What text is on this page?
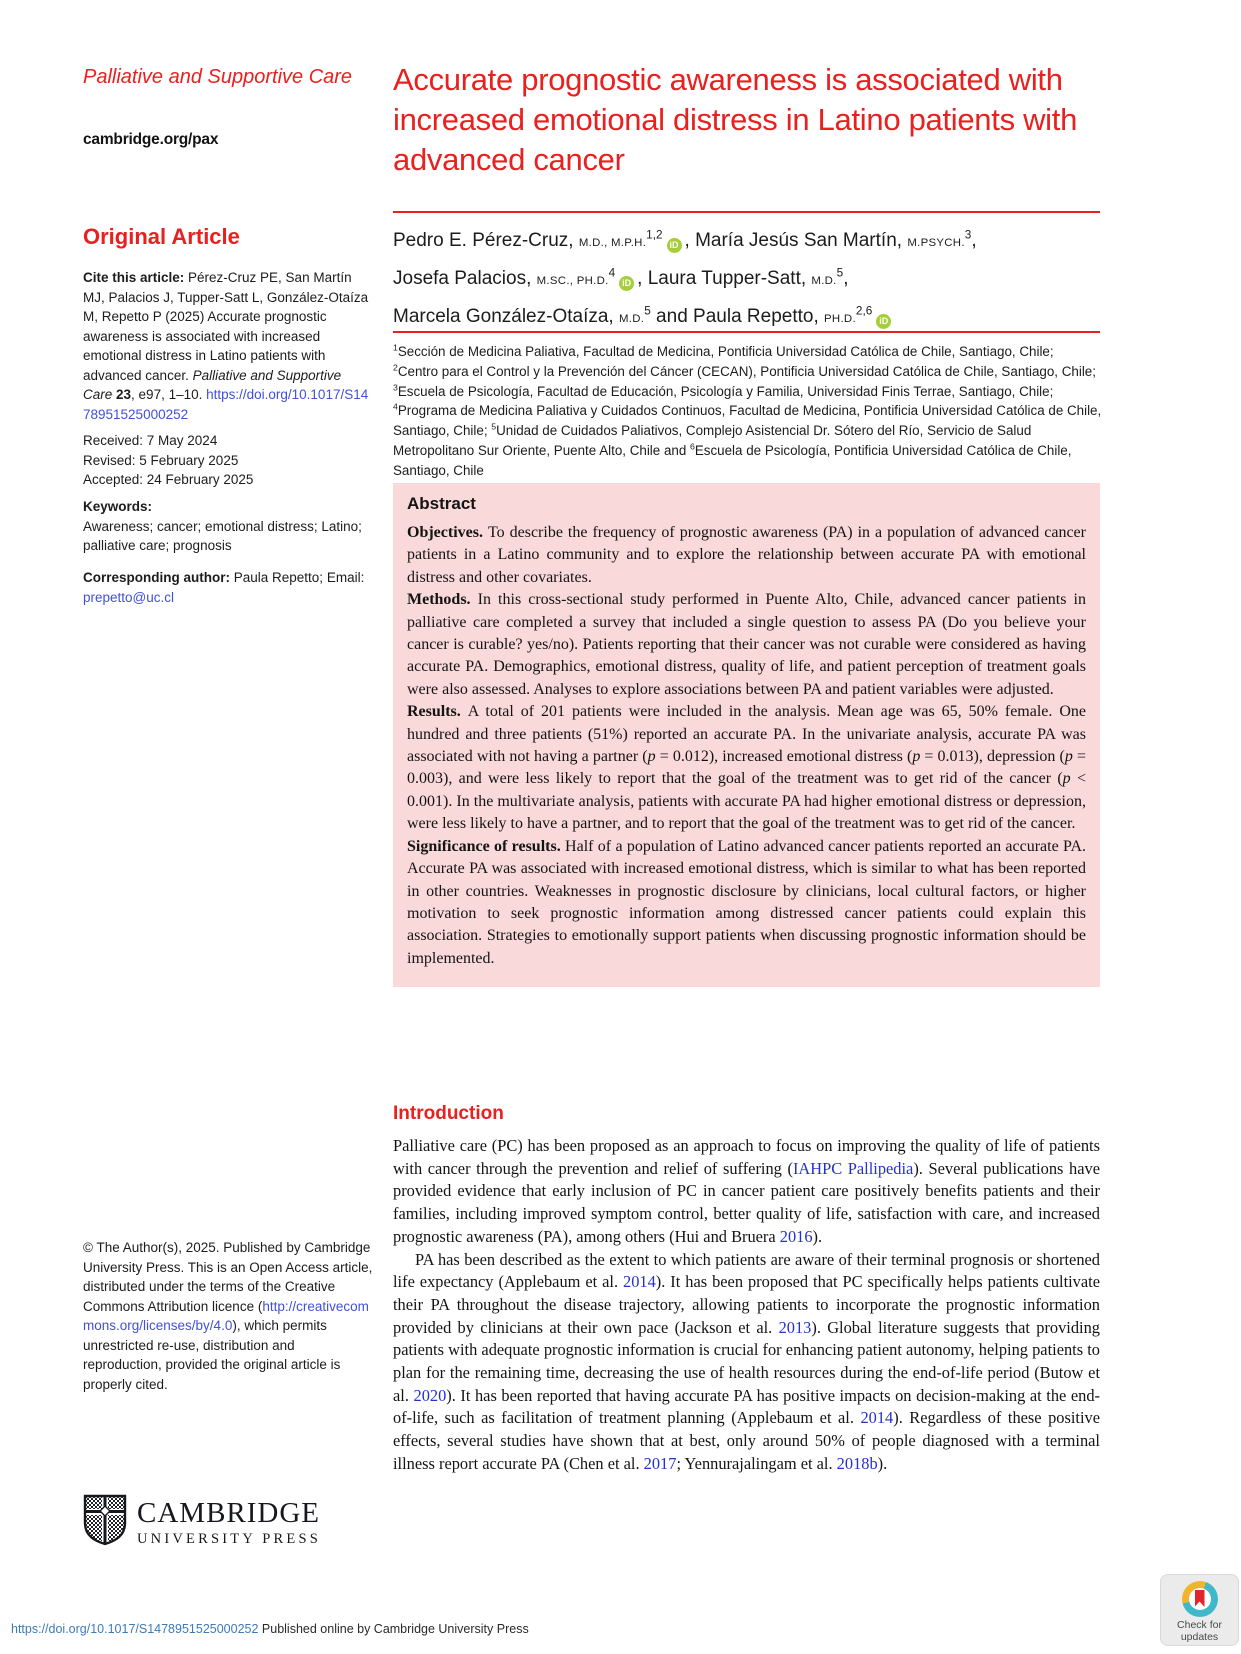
Palliative and Supportive Care
cambridge.org/pax
Original Article
Cite this article: Pérez-Cruz PE, San Martín MJ, Palacios J, Tupper-Satt L, González-Otaíza M, Repetto P (2025) Accurate prognostic awareness is associated with increased emotional distress in Latino patients with advanced cancer. Palliative and Supportive Care 23, e97, 1–10. https://doi.org/10.1017/S1478951525000252
Received: 7 May 2024
Revised: 5 February 2025
Accepted: 24 February 2025
Keywords:
Awareness; cancer; emotional distress; Latino; palliative care; prognosis
Corresponding author: Paula Repetto; Email: prepetto@uc.cl
© The Author(s), 2025. Published by Cambridge University Press. This is an Open Access article, distributed under the terms of the Creative Commons Attribution licence (http://creativecommons.org/licenses/by/4.0), which permits unrestricted re-use, distribution and reproduction, provided the original article is properly cited.
CAMBRIDGE
UNIVERSITY PRESS
Accurate prognostic awareness is associated with increased emotional distress in Latino patients with advanced cancer
Pedro E. Pérez-Cruz, M.D., M.P.H.$^{1,2}$iD , María Jesús San Martín, M.PSYCH.$^3$,
Josefa Palacios, M.SC., PH.D.$^4$iD , Laura Tupper-Satt, M.D.$^5$,
Marcela González-Otaíza, M.D.$^5$ and Paula Repetto, PH.D.$^{2,6}$iD
$^1$Sección de Medicina Paliativa, Facultad de Medicina, Pontificia Universidad Católica de Chile, Santiago, Chile; $^2$Centro para el Control y la Prevención del Cáncer (CECAN), Pontificia Universidad Católica de Chile, Santiago, Chile; $^3$Escuela de Psicología, Facultad de Educación, Psicología y Familia, Universidad Finis Terrae, Santiago, Chile; $^4$Programa de Medicina Paliativa y Cuidados Continuos, Facultad de Medicina, Pontificia Universidad Católica de Chile, Santiago, Chile; $^5$Unidad de Cuidados Paliativos, Complejo Asistencial Dr. Sótero del Río, Servicio de Salud Metropolitano Sur Oriente, Puente Alto, Chile and $^6$Escuela de Psicología, Pontificia Universidad Católica de Chile, Santiago, Chile
Abstract

Objectives. To describe the frequency of prognostic awareness (PA) in a population of advanced cancer patients in a Latino community and to explore the relationship between accurate PA with emotional distress and other covariates.

Methods. In this cross-sectional study performed in Puente Alto, Chile, advanced cancer patients in palliative care completed a survey that included a single question to assess PA (Do you believe your cancer is curable? yes/no). Patients reporting that their cancer was not curable were considered as having accurate PA. Demographics, emotional distress, quality of life, and patient perception of treatment goals were also assessed. Analyses to explore associations between PA and patient variables were adjusted.

Results. A total of 201 patients were included in the analysis. Mean age was 65, 50% female. One hundred and three patients (51%) reported an accurate PA. In the univariate analysis, accurate PA was associated with not having a partner (p = 0.012), increased emotional distress (p = 0.013), depression (p = 0.003), and were less likely to report that the goal of the treatment was to get rid of the cancer (p < 0.001). In the multivariate analysis, patients with accurate PA had higher emotional distress or depression, were less likely to have a partner, and to report that the goal of the treatment was to get rid of the cancer.

Significance of results. Half of a population of Latino advanced cancer patients reported an accurate PA. Accurate PA was associated with increased emotional distress, which is similar to what has been reported in other countries. Weaknesses in prognostic disclosure by clinicians, local cultural factors, or higher motivation to seek prognostic information among distressed cancer patients could explain this association. Strategies to emotionally support patients when discussing prognostic information should be implemented.

Introduction

Palliative care (PC) has been proposed as an approach to focus on improving the quality of life of patients with cancer through the prevention and relief of suffering (IAHPC Pallipedia). Several publications have provided evidence that early inclusion of PC in cancer patient care positively benefits patients and their families, including improved symptom control, better quality of life, satisfaction with care, and increased prognostic awareness (PA), among others (Hui and Bruera 2016).

PA has been described as the extent to which patients are aware of their terminal prognosis or shortened life expectancy (Applebaum et al. 2014). It has been proposed that PC specifically helps patients cultivate their PA throughout the disease trajectory, allowing patients to incorporate the prognostic information provided by clinicians at their own pace (Jackson et al. 2013). Global literature suggests that providing patients with adequate prognostic information is crucial for enhancing patient autonomy, helping patients to plan for the remaining time, decreasing the use of health resources during the end-of-life period (Butow et al. 2020). It has been reported that having accurate PA has positive impacts on decision-making at the end-of-life, such as facilitation of treatment planning (Applebaum et al. 2014). Regardless of these positive effects, several studies have shown that at best, only around 50% of people diagnosed with a terminal illness report accurate PA (Chen et al. 2017; Yennurajalingam et al. 2018b).

https://doi.org/10.1017/S1478951525000252 Published online by Cambridge University Press	Check for
updates
